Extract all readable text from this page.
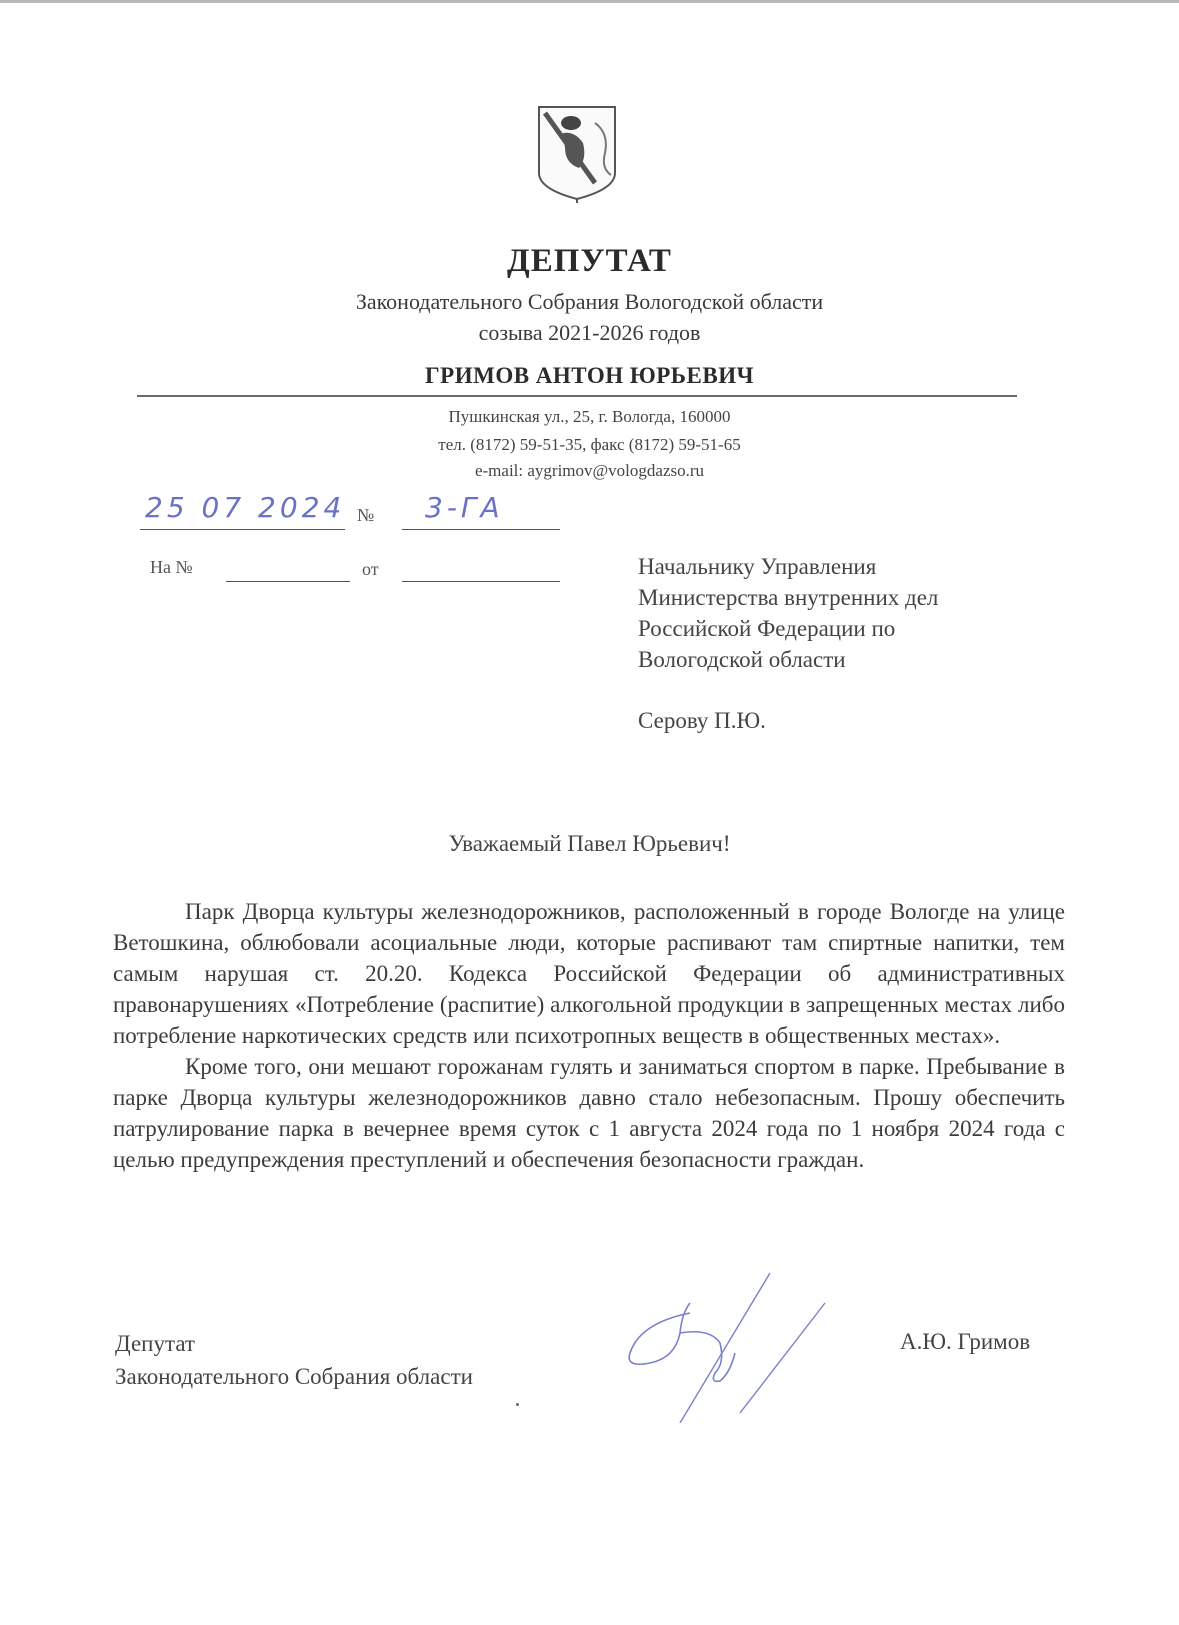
ДЕПУТАТ
Законодательного Собрания Вологодской области
созыва 2021-2026 годов
ГРИМОВ АНТОН ЮРЬЕВИЧ
Пушкинская ул., 25, г. Вологда, 160000
тел. (8172) 59-51-35, факс (8172) 59-51-65
e-mail: aygrimov@vologdazso.ru
25 07 2024 № 3-ГА
На №	от	Начальнику Управления
Министерства внутренних дел
Российской Федерации по
Вологодской области
Серову П.Ю.
Уважаемый Павел Юрьевич!

Парк Дворца культуры железнодорожников, расположенный в городе Вологде на улице Ветошкина, облюбовали асоциальные люди, которые распивают там спиртные напитки, тем самым нарушая ст. 20.20. Кодекса Российской Федерации об административных правонарушениях «Потребление (распитие) алкогольной продукции в запрещенных местах либо потребление наркотических средств или психотропных веществ в общественных местах».

Кроме того, они мешают горожанам гулять и заниматься спортом в парке. Пребывание в парке Дворца культуры железнодорожников давно стало небезопасным. Прошу обеспечить патрулирование парка в вечернее время суток с 1 августа 2024 года по 1 ноября 2024 года с целью предупреждения преступлений и обеспечения безопасности граждан.

Депутат
Законодательного Собрания области
А.Ю. Гримов
